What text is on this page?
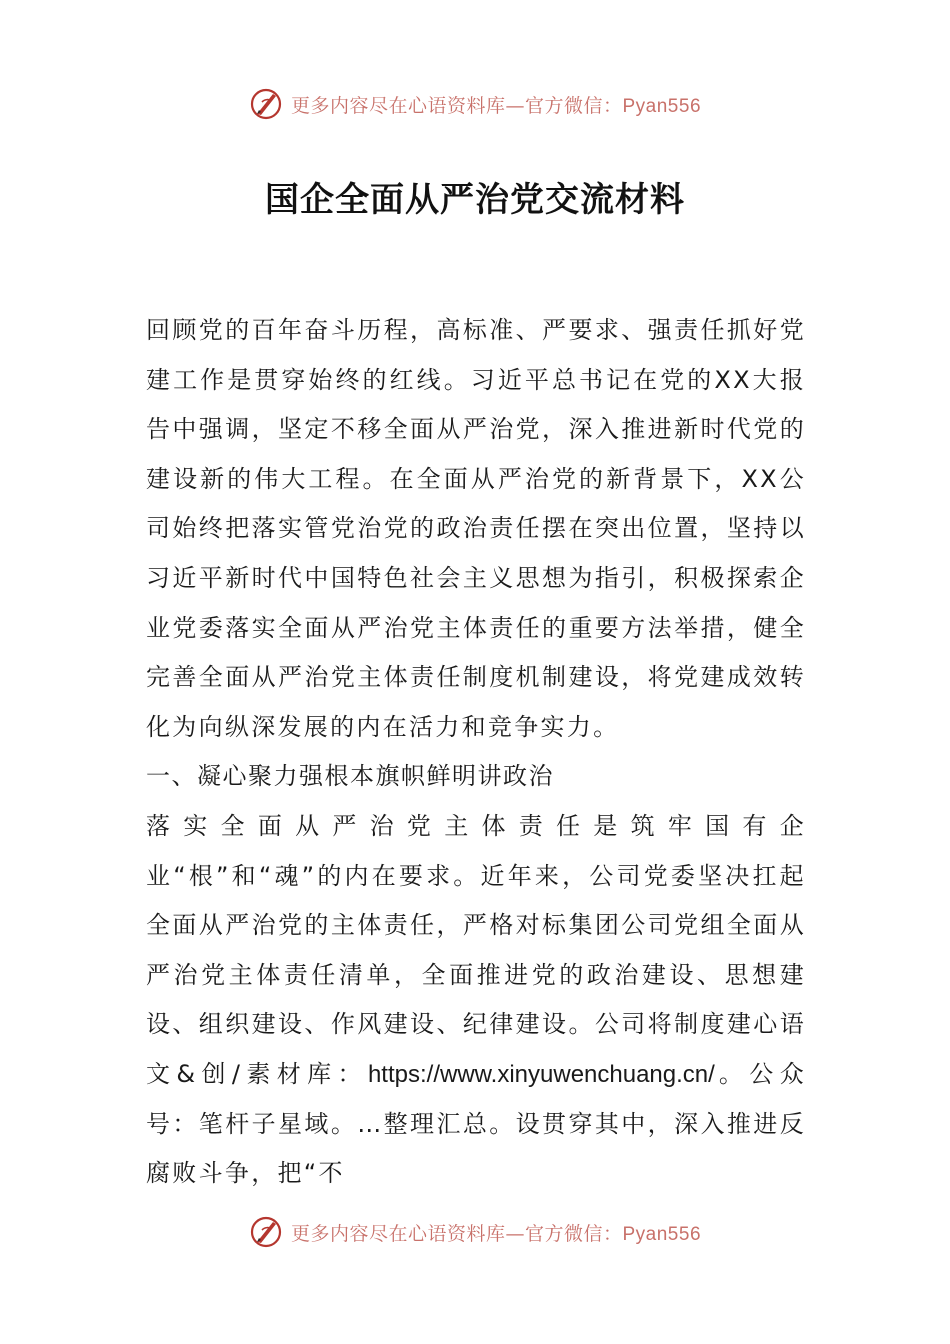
更多内容尽在心语资料库—官方微信：Pyan556
国企全面从严治党交流材料

回顾党的百年奋斗历程，高标准、严要求、强责任抓好党建工作是贯穿始终的红线。习近平总书记在党的XX大报告中强调，坚定不移全面从严治党，深入推进新时代党的建设新的伟大工程。在全面从严治党的新背景下，XX公司始终把落实管党治党的政治责任摆在突出位置，坚持以习近平新时代中国特色社会主义思想为指引，积极探索企业党委落实全面从严治党主体责任的重要方法举措，健全完善全面从严治党主体责任制度机制建设，将党建成效转化为向纵深发展的内在活力和竞争实力。

一、凝心聚力强根本旗帜鲜明讲政治

落实全面从严治党主体责任是筑牢国有企业“根”和“魂”的内在要求。近年来，公司党委坚决扛起全面从严治党的主体责任，严格对标集团公司党组全面从严治党主体责任清单，全面推进党的政治建设、思想建设、组织建设、作风建设、纪律建设。公司将制度建心语文&创/素材库：https://www.xinyuwenchuang.cn/。公众号：笔杆子星域。…整理汇总。设贯穿其中，深入推进反腐败斗争，把“不

更多内容尽在心语资料库—官方微信：Pyan556
